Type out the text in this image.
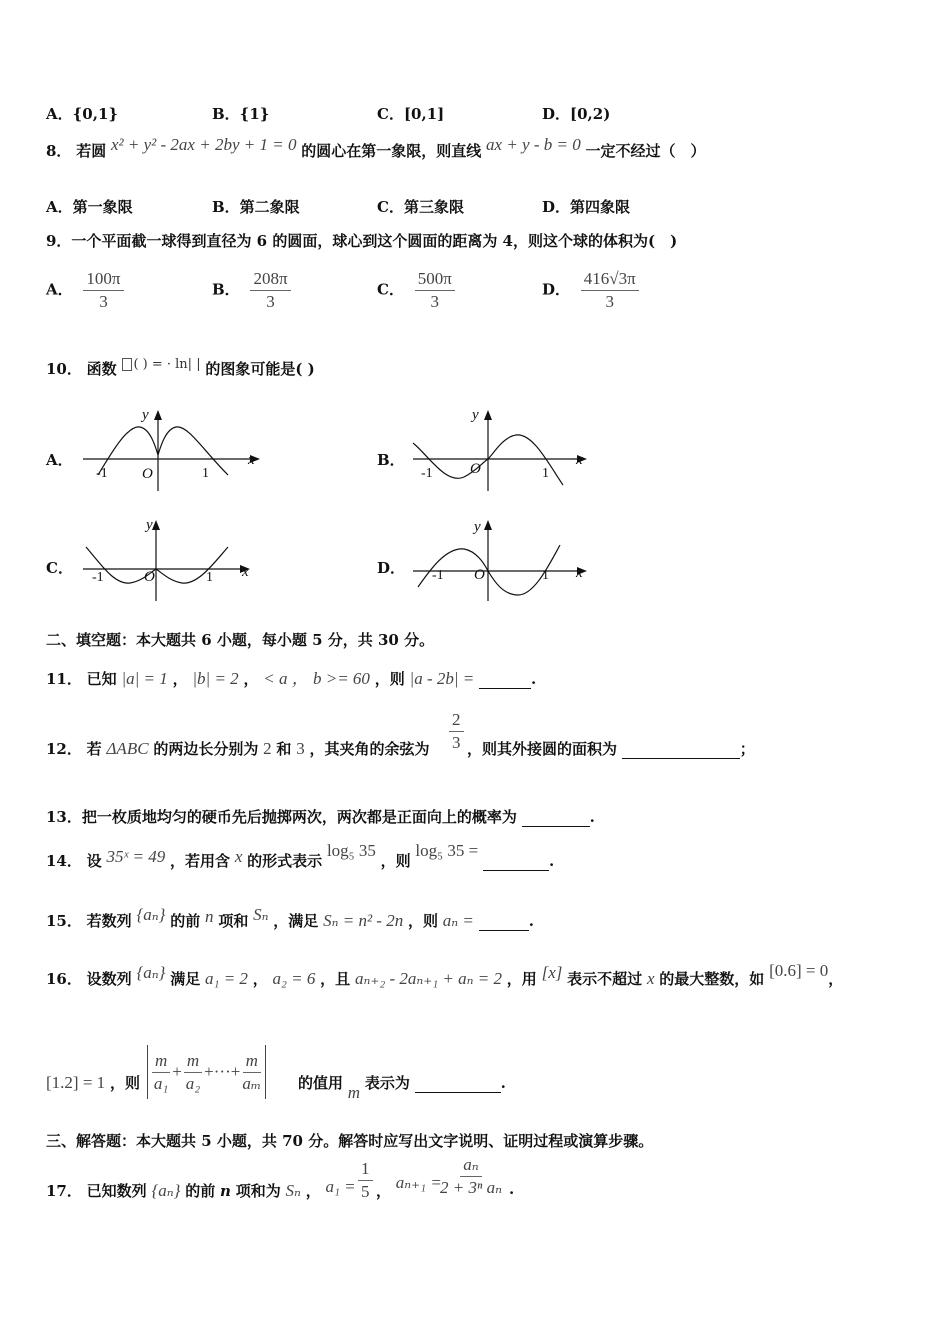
A．{0,1}	B．{1}	C．[0,1]	D．[0,2)
8． 若圆 x² + y² - 2ax + 2by + 1 = 0 的圆心在第一象限，则直线 ax + y - b = 0 一定不经过（　）
A．第一象限	B．第二象限	C．第三象限	D．第四象限
9．一个平面截一球得到直径为 6 的圆面，球心到这个圆面的距离为 4，则这个球的体积为(　)
A． $\frac{100\pi}{3}$	B． $\frac{208\pi}{3}$	C． $\frac{500\pi}{3}$	D． $\frac{416√3\pi}{3}$
10． 函数 ( ) = · ln| | 的图象可能是( )
A．	B．
C．	D．
y
x
O
-1	1
y
x
O
-1	1
y
x
O
-1	1
y
x
O
-1	1
二、填空题：本大题共 6 小题，每小题 5 分，共 30 分。
11． 已知 |a| = 1 ， |b| = 2 ， < a ， b >= 60 ，则 |a - 2b| =	.
12． 若 ΔABC 的两边长分别为 2 和 3 ，其夹角的余弦为 $\frac{2}{3}$ ，则其外接圆的面积为	；
13．把一枚质地均匀的硬币先后抛掷两次，两次都是正面向上的概率为	.
14． 设 35ˣ = 49 ，若用含 x 的形式表示 log₅ 35 ，则 log₅ 35 = .
15． 若数列 {aₙ} 的前 n 项和 Sₙ ，满足 Sₙ = n² - 2n ，则 aₙ =	.
16． 设数列 {aₙ} 满足 a₁ = 2 ， a₂ = 6 ，且 aₙ₊₂ - 2aₙ₊₁ + aₙ = 2 ，用 [x] 表示不超过 x 的最大整数，如 [0.6] = 0，
[1.2] = 1 ，则 $\frac{m}{\text{a₁}} + \frac{m}{\text{a₂}}$ +···+ $\frac{m}{\text{aₘ}}$ 的值用 m 表示为	.
三、解答题：本大题共 5 小题，共 70 分。解答时应写出文字说明、证明过程或演算步骤。
17． 已知数列 {aₙ} 的前 n 项和为 Sₙ ， $a_1 = \frac{1}{5}$ ， aₙ₊₁ =
$\frac{\text{aₙ}}{\text{2 + 3ⁿ aₙ}}$ .
